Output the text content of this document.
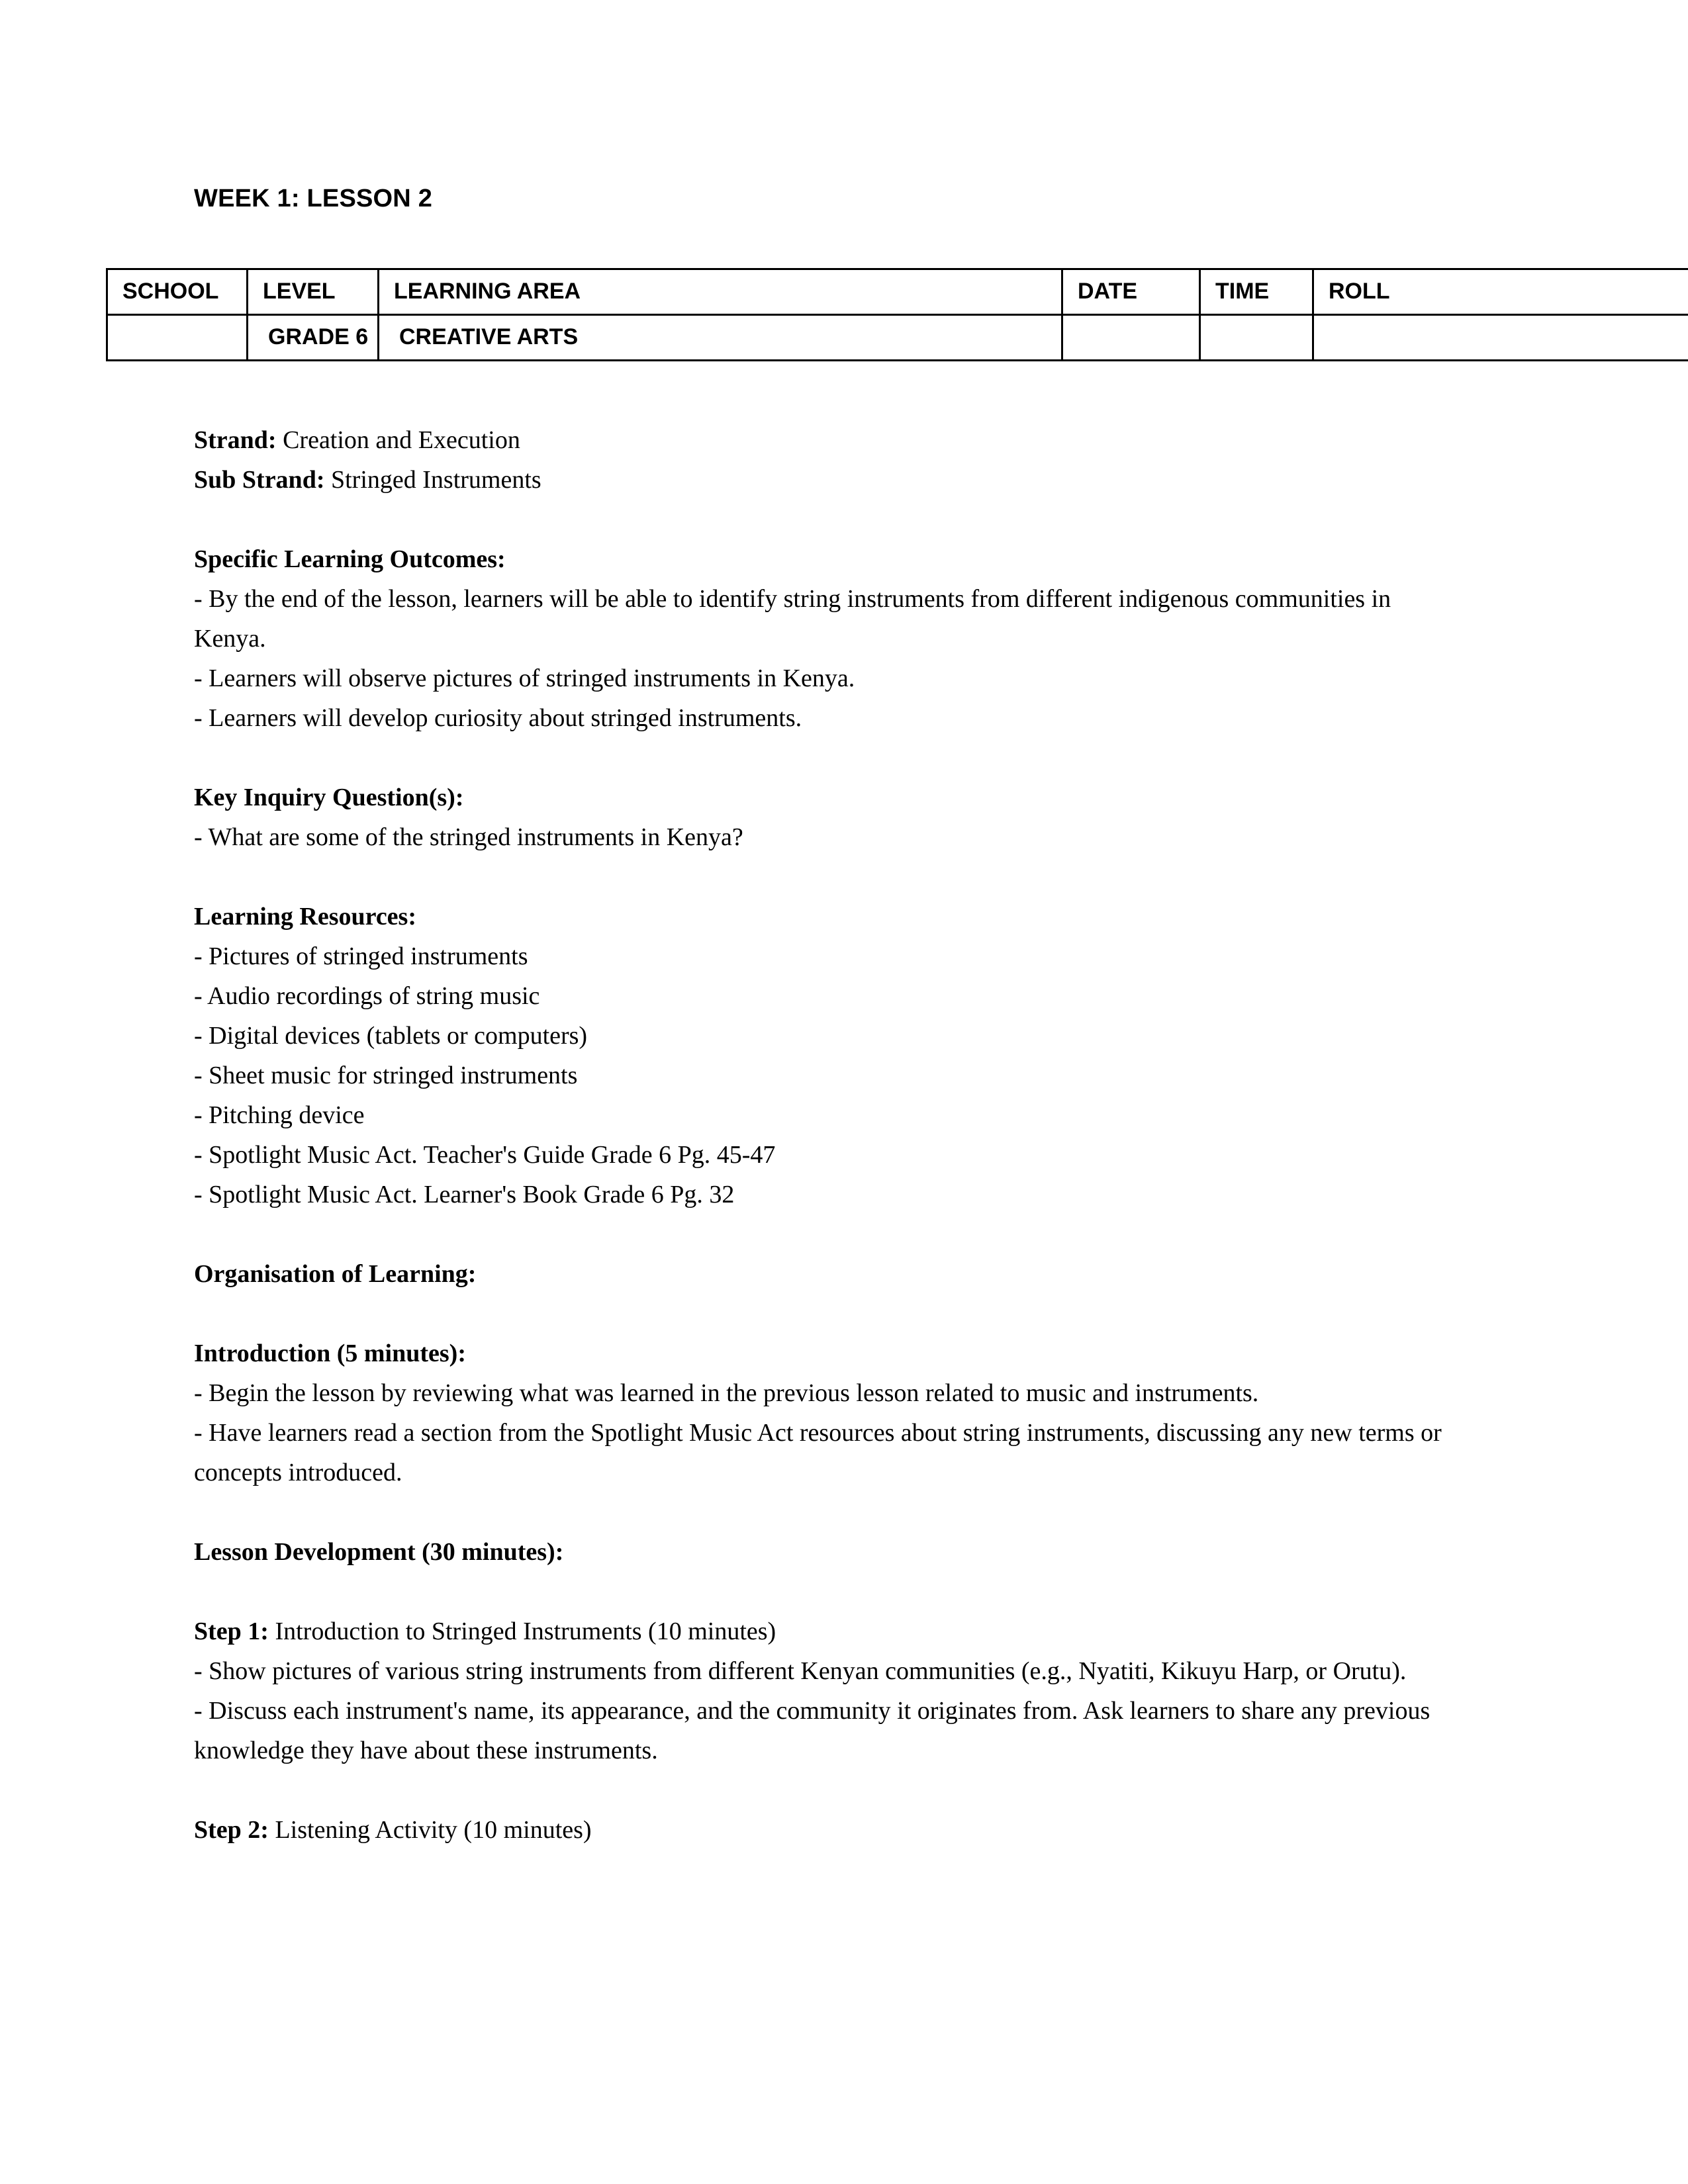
WEEK 1: LESSON 2
SCHOOL	LEVEL	LEARNING AREA	DATE	TIME	ROLL
	GRADE 6	CREATIVE ARTS			

Strand: Creation and Execution

Sub Strand: Stringed Instruments

Specific Learning Outcomes:

- By the end of the lesson, learners will be able to identify string instruments from different indigenous communities in Kenya.

- Learners will observe pictures of stringed instruments in Kenya.

- Learners will develop curiosity about stringed instruments.

Key Inquiry Question(s):

- What are some of the stringed instruments in Kenya?

Learning Resources:

- Pictures of stringed instruments

- Audio recordings of string music

- Digital devices (tablets or computers)

- Sheet music for stringed instruments

- Pitching device

- Spotlight Music Act. Teacher's Guide Grade 6 Pg. 45-47

- Spotlight Music Act. Learner's Book Grade 6 Pg. 32

Organisation of Learning:

Introduction (5 minutes):

- Begin the lesson by reviewing what was learned in the previous lesson related to music and instruments.

- Have learners read a section from the Spotlight Music Act resources about string instruments, discussing any new terms or concepts introduced.

Lesson Development (30 minutes):

Step 1: Introduction to Stringed Instruments (10 minutes)

- Show pictures of various string instruments from different Kenyan communities (e.g., Nyatiti, Kikuyu Harp, or Orutu).

- Discuss each instrument's name, its appearance, and the community it originates from. Ask learners to share any previous knowledge they have about these instruments.

Step 2: Listening Activity (10 minutes)
